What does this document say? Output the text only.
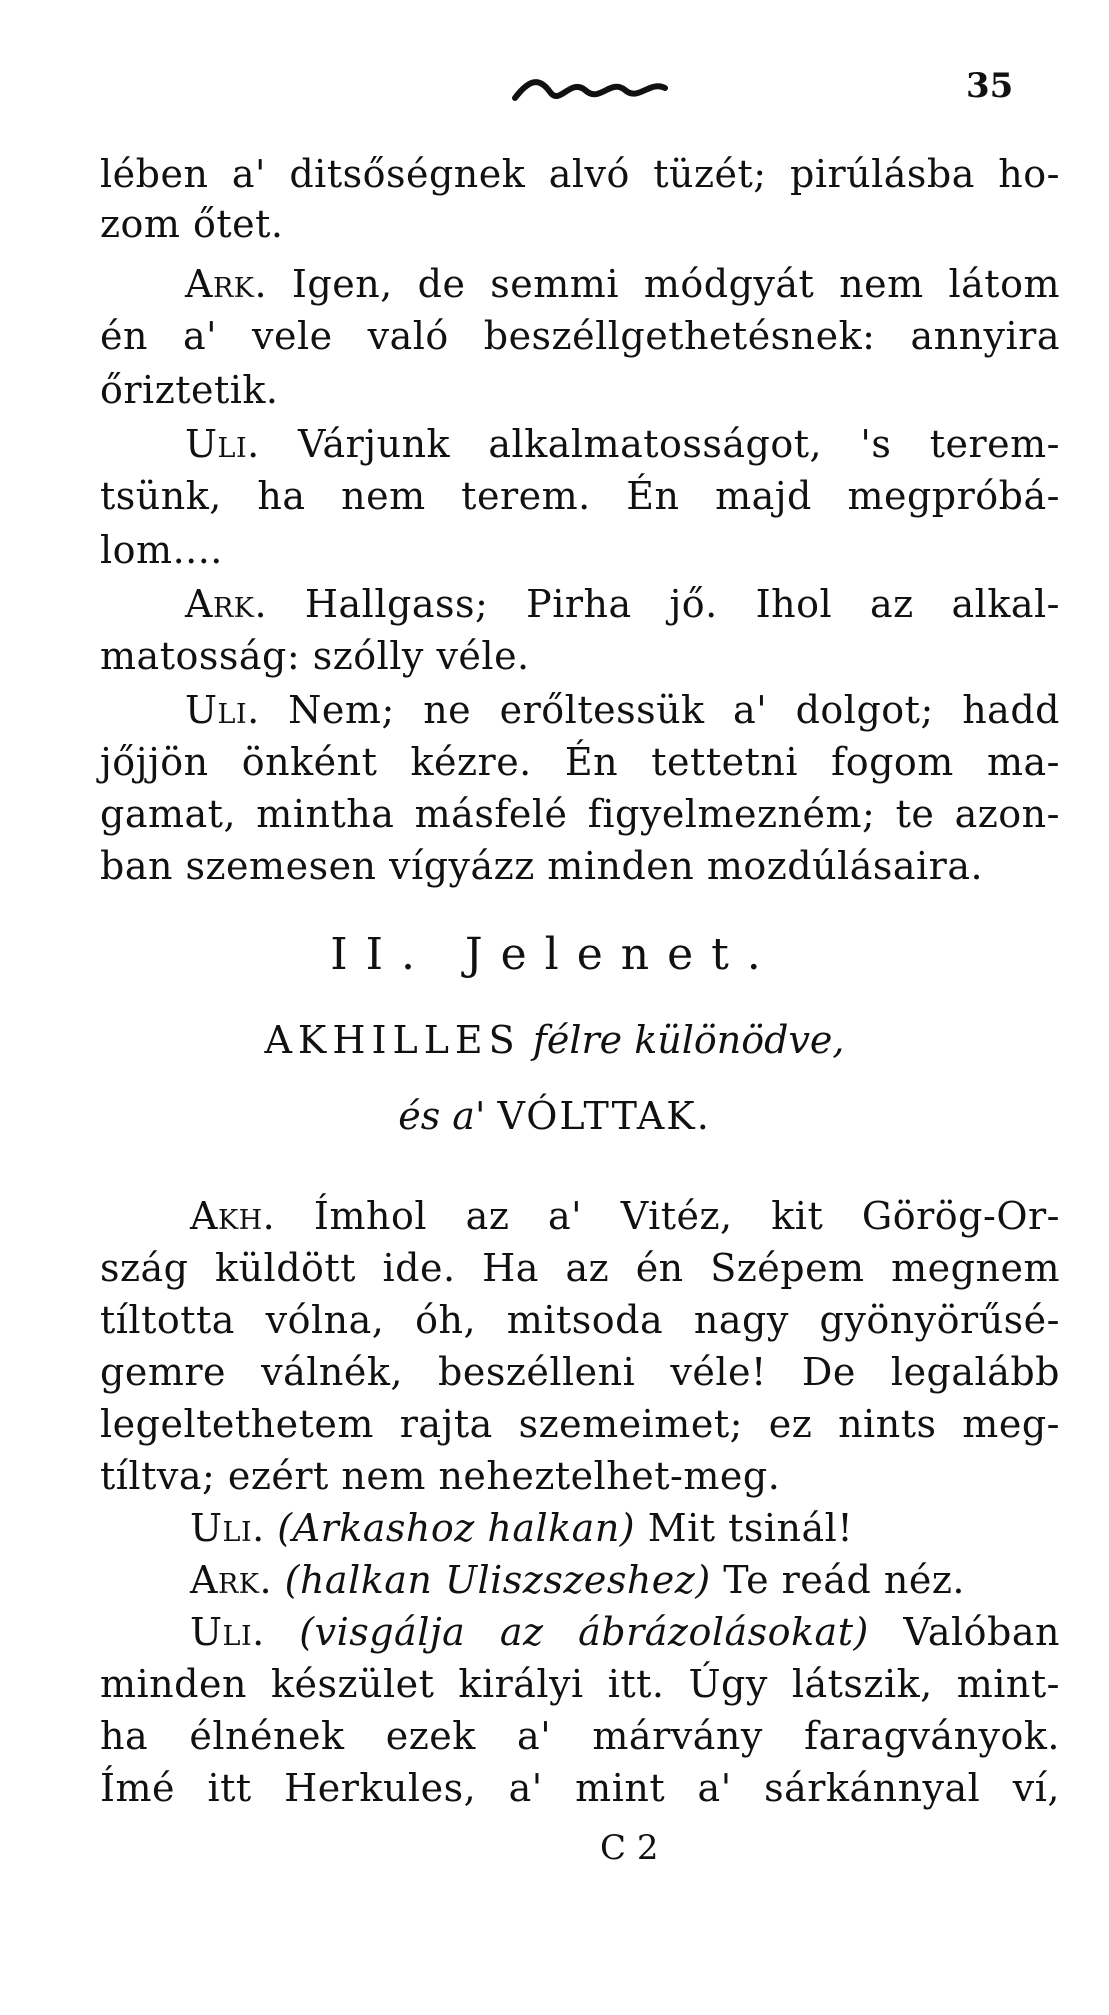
35
lében a' ditsőségnek alvó tüzét; pirúlásba ho-
zom őtet.
Ark. Igen, de semmi módgyát nem látom
én a' vele való beszéllgethetésnek: annyira
őriztetik.
Uli. Várjunk alkalmatosságot, 's terem-
tsünk, ha nem terem. Én majd megpróbá-
lom....
Ark. Hallgass; Pirha jő. Ihol az alkal-
matosság: szólly véle.
Uli. Nem; ne erőltessük a' dolgot; hadd
jőjjön önként kézre. Én tettetni fogom ma-
gamat, mintha másfelé figyelmezném; te azon-
ban szemesen vígyázz minden mozdúlásaira.
II. Jelenet.
AKHILLES félre különödve,
és a' VÓLTTAK.
Akh. Ímhol az a' Vitéz, kit Görög-Or-
szág küldött ide. Ha az én Szépem megnem
tíltotta vólna, óh, mitsoda nagy gyönyörűsé-
gemre válnék, beszélleni véle! De legalább
legeltethetem rajta szemeimet; ez nints meg-
tíltva; ezért nem neheztelhet-meg.
Uli. (Arkashoz halkan) Mit tsinál!
Ark. (halkan Uliszszeshez) Te reád néz.
Uli. (visgálja az ábrázolásokat) Valóban
minden készület királyi itt. Úgy látszik, mint-
ha élnének ezek a' márvány faragványok.
Ímé itt Herkules, a' mint a' sárkánnyal ví,
C 2
